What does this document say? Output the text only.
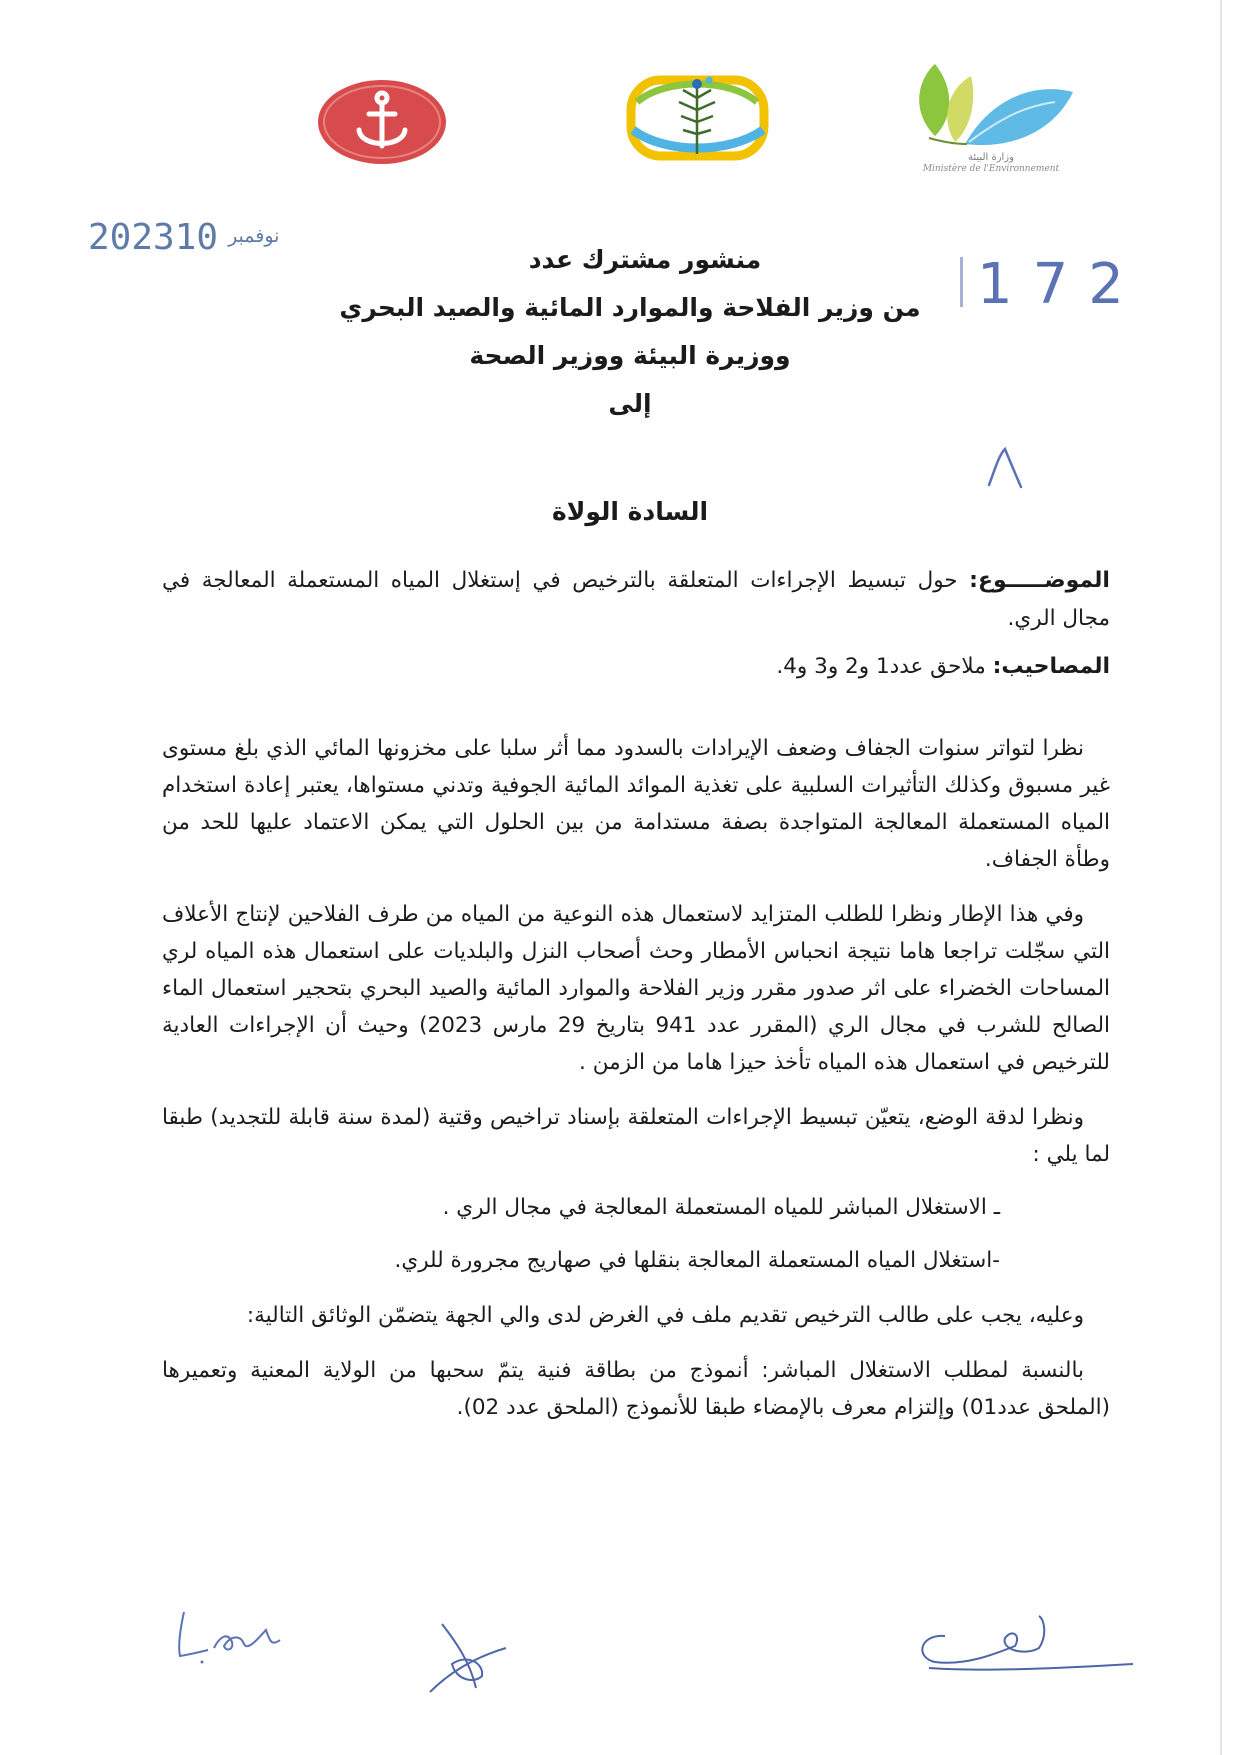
وزارة البيئة
Ministère de l'Environnement
2023	نوفمبر10
172
منشور مشترك عدد
من وزير الفلاحة والموارد المائية والصيد البحري
ووزيرة البيئة ووزير الصحة
إلى
السادة الولاة

الموضـــــوع: حول تبسيط الإجراءات المتعلقة بالترخيص في إستغلال المياه المستعملة المعالجة في مجال الري.

المصاحيب: ملاحق عدد1 و2 و3 و4.

نظرا لتواتر سنوات الجفاف وضعف الإيرادات بالسدود مما أثر سلبا على مخزونها المائي الذي بلغ مستوى غير مسبوق وكذلك التأثيرات السلبية على تغذية الموائد المائية الجوفية وتدني مستواها، يعتبر إعادة استخدام المياه المستعملة المعالجة المتواجدة بصفة مستدامة من بين الحلول التي يمكن الاعتماد عليها للحد من وطأة الجفاف.

وفي هذا الإطار ونظرا للطلب المتزايد لاستعمال هذه النوعية من المياه من طرف الفلاحين لإنتاج الأعلاف التي سجّلت تراجعا هاما نتيجة انحباس الأمطار وحث أصحاب النزل والبلديات على استعمال هذه المياه لري المساحات الخضراء على اثر صدور مقرر وزير الفلاحة والموارد المائية والصيد البحري بتحجير استعمال الماء الصالح للشرب في مجال الري (المقرر عدد 941 بتاريخ 29 مارس 2023) وحيث أن الإجراءات العادية للترخيص في استعمال هذه المياه تأخذ حيزا هاما من الزمن .

ونظرا لدقة الوضع، يتعيّن تبسيط الإجراءات المتعلقة بإسناد تراخيص وقتية (لمدة سنة قابلة للتجديد) طبقا لما يلي :

ـ الاستغلال المباشر للمياه المستعملة المعالجة في مجال الري .

-استغلال المياه المستعملة المعالجة بنقلها في صهاريج مجرورة للري.

وعليه، يجب على طالب الترخيص تقديم ملف في الغرض لدى والي الجهة يتضمّن الوثائق التالية:

بالنسبة لمطلب الاستغلال المباشر: أنموذج من بطاقة فنية يتمّ سحبها من الولاية المعنية وتعميرها (الملحق عدد01) وإلتزام معرف بالإمضاء طبقا للأنموذج (الملحق عدد 02).
